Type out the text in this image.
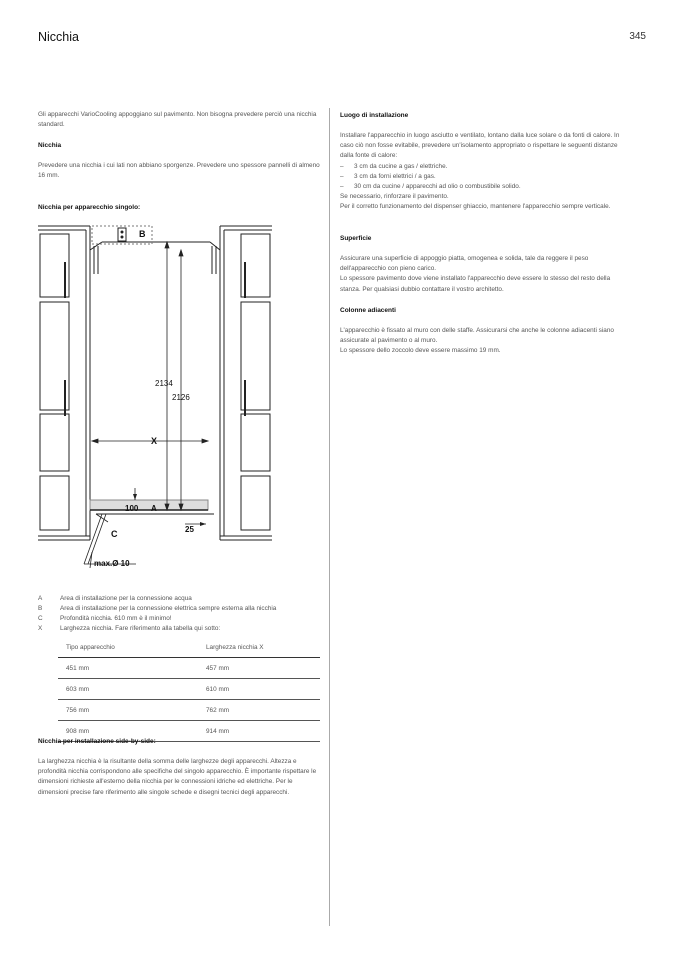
Nicchia	345
Gli apparecchi VarioCooling appoggiano sul pavimento. Non bisogna prevedere perciò una nicchia standard.
Nicchia
Prevedere una nicchia i cui lati non abbiano sporgenze. Prevedere uno spessore pannelli di almeno 16 mm.
Nicchia per apparecchio singolo:
B
2134
2126
X
100 A
25
C
max.Ø 10
A	Area di installazione per la connessione acqua
B	Area di installazione per la connessione elettrica sempre esterna alla nicchia
C	Profondità nicchia. 610 mm è il minimo!
X	Larghezza nicchia. Fare riferimento alla tabella qui sotto:
Tipo apparecchio	Larghezza nicchia X
451 mm	457 mm
603 mm	610 mm
756 mm	762 mm
908 mm	914 mm
Nicchia per installazione side-by-side:
La larghezza nicchia è la risultante della somma delle larghezze degli apparecchi. Altezza e profondità nicchia corrispondono alle specifiche del singolo apparecchio. È importante rispettare le dimensioni richieste all'esterno della nicchia per le connessioni idriche ed elettriche. Per le dimensioni precise fare riferimento alle singole schede e disegni tecnici degli apparecchi.
Luogo di installazione

Installare l'apparecchio in luogo asciutto e ventilato, lontano dalla luce solare o da fonti di calore. In caso ciò non fosse evitabile, prevedere un'isolamento appropriato o rispettare le seguenti distanze dalla fonte di calore:

– 3 cm da cucine a gas / elettriche.
– 3 cm da forni elettrici / a gas.
– 30 cm da cucine / apparecchi ad olio o combustibile solido.

Se necessario, rinforzare il pavimento.

Per il corretto funzionamento del dispenser ghiaccio, mantenere l'apparecchio sempre verticale.

Superficie

Assicurare una superficie di appoggio piatta, omogenea e solida, tale da reggere il peso dell'apparecchio con pieno carico.

Lo spessore pavimento dove viene installato l'apparecchio deve essere lo stesso del resto della stanza. Per qualsiasi dubbio contattare il vostro architetto.

Colonne adiacenti

L'apparecchio è fissato al muro con delle staffe. Assicurarsi che anche le colonne adiacenti siano assicurate al pavimento o al muro.

Lo spessore dello zoccolo deve essere massimo 19 mm.
